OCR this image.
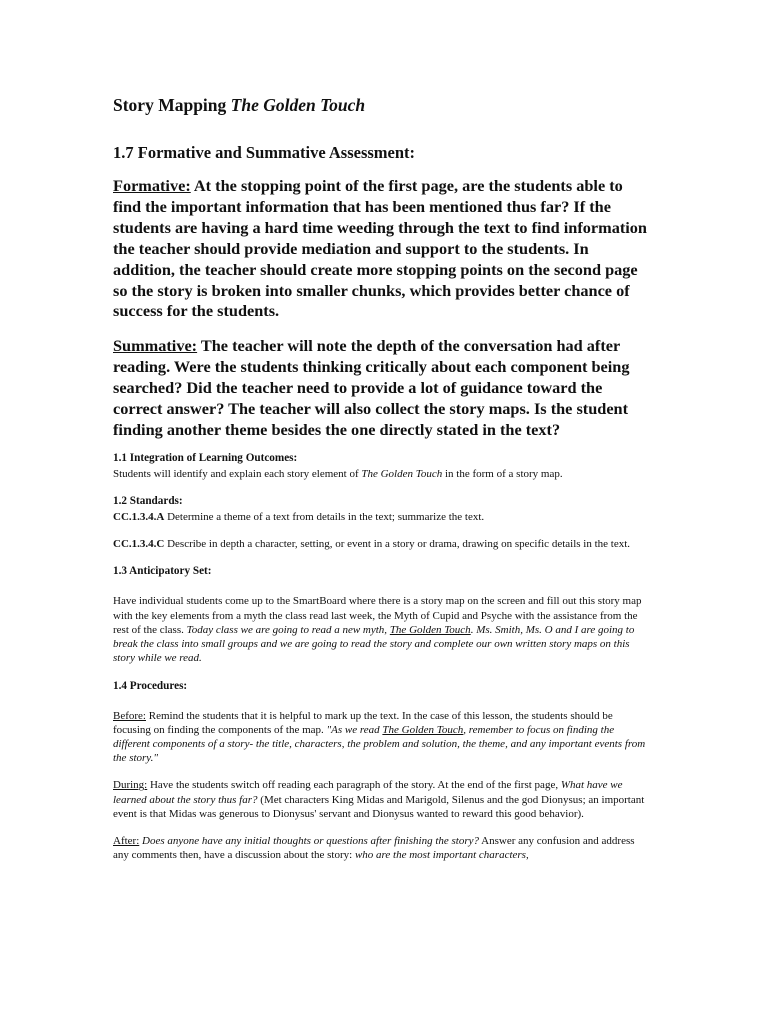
Story Mapping The Golden Touch
1.7 Formative and Summative Assessment:

Formative: At the stopping point of the first page, are the students able to find the important information that has been mentioned thus far? If the students are having a hard time weeding through the text to find information the teacher should provide mediation and support to the students. In addition, the teacher should create more stopping points on the second page so the story is broken into smaller chunks, which provides better chance of success for the students.

Summative: The teacher will note the depth of the conversation had after reading. Were the students thinking critically about each component being searched? Did the teacher need to provide a lot of guidance toward the correct answer? The teacher will also collect the story maps. Is the student finding another theme besides the one directly stated in the text?

1.1 Integration of Learning Outcomes:

Students will identify and explain each story element of The Golden Touch in the form of a story map.

1.2 Standards:

CC.1.3.4.A Determine a theme of a text from details in the text; summarize the text.

CC.1.3.4.C Describe in depth a character, setting, or event in a story or drama, drawing on specific details in the text.

1.3 Anticipatory Set:

Have individual students come up to the SmartBoard where there is a story map on the screen and fill out this story map with the key elements from a myth the class read last week, the Myth of Cupid and Psyche with the assistance from the rest of the class. Today class we are going to read a new myth, The Golden Touch. Ms. Smith, Ms. O and I are going to break the class into small groups and we are going to read the story and complete our own written story maps on this story while we read.

1.4 Procedures:

Before: Remind the students that it is helpful to mark up the text. In the case of this lesson, the students should be focusing on finding the components of the map. "As we read The Golden Touch, remember to focus on finding the different components of a story- the title, characters, the problem and solution, the theme, and any important events from the story."

During: Have the students switch off reading each paragraph of the story. At the end of the first page, What have we learned about the story thus far? (Met characters King Midas and Marigold, Silenus and the god Dionysus; an important event is that Midas was generous to Dionysus' servant and Dionysus wanted to reward this good behavior).

After: Does anyone have any initial thoughts or questions after finishing the story? Answer any confusion and address any comments then, have a discussion about the story: who are the most important characters,
